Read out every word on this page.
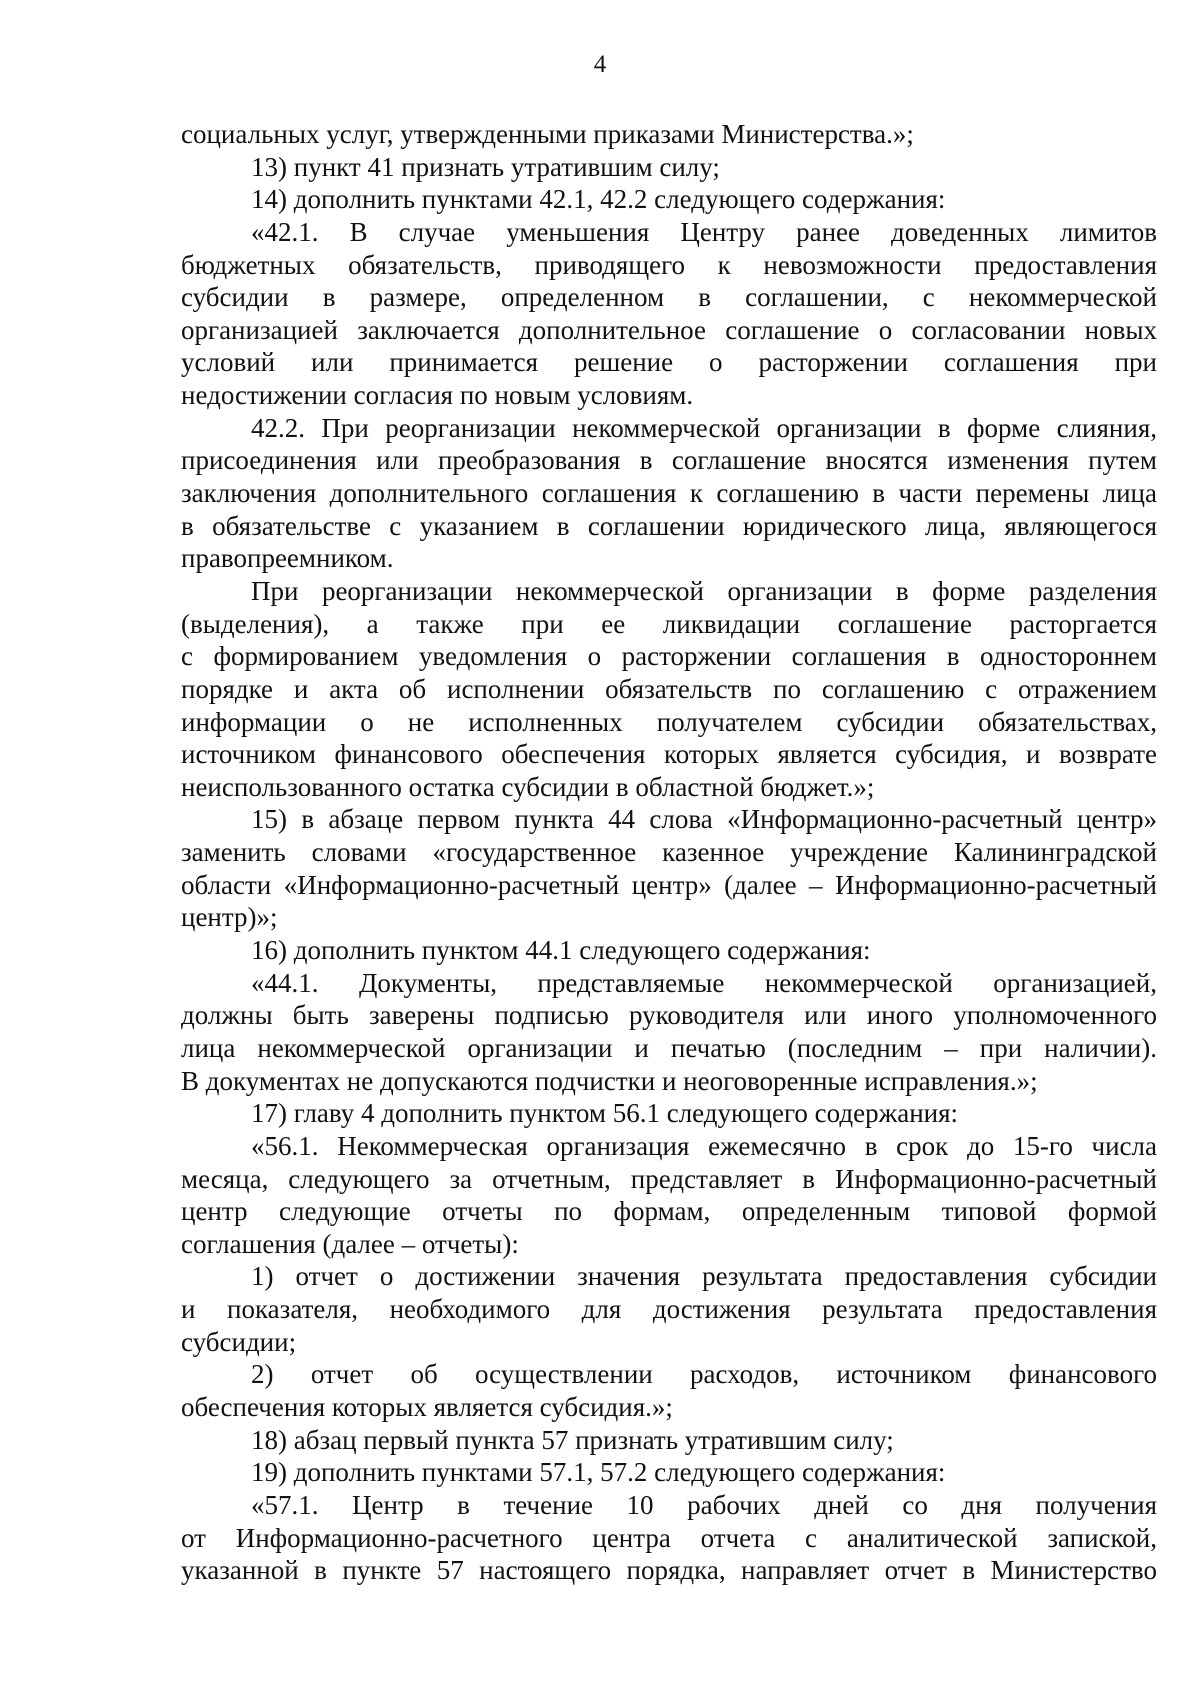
4
социальных услуг, утвержденными приказами Министерства.»;
13) пункт 41 признать утратившим силу;
14) дополнить пунктами 42.1, 42.2 следующего содержания:
«42.1. В случае уменьшения Центру ранее доведенных лимитов
бюджетных обязательств, приводящего к невозможности предоставления
субсидии в размере, определенном в соглашении, с некоммерческой
организацией заключается дополнительное соглашение о согласовании новых
условий или принимается решение о расторжении соглашения при
недостижении согласия по новым условиям.
42.2. При реорганизации некоммерческой организации в форме слияния,
присоединения или преобразования в соглашение вносятся изменения путем
заключения дополнительного соглашения к соглашению в части перемены лица
в обязательстве с указанием в соглашении юридического лица, являющегося
правопреемником.
При реорганизации некоммерческой организации в форме разделения
(выделения), а также при ее ликвидации соглашение расторгается
с формированием уведомления о расторжении соглашения в одностороннем
порядке и акта об исполнении обязательств по соглашению с отражением
информации о не исполненных получателем субсидии обязательствах,
источником финансового обеспечения которых является субсидия, и возврате
неиспользованного остатка субсидии в областной бюджет.»;
15) в абзаце первом пункта 44 слова «Информационно-расчетный центр»
заменить словами «государственное казенное учреждение Калининградской
области «Информационно-расчетный центр» (далее – Информационно-расчетный
центр)»;
16) дополнить пунктом 44.1 следующего содержания:
«44.1. Документы, представляемые некоммерческой организацией,
должны быть заверены подписью руководителя или иного уполномоченного
лица некоммерческой организации и печатью (последним – при наличии).
В документах не допускаются подчистки и неоговоренные исправления.»;
17) главу 4 дополнить пунктом 56.1 следующего содержания:
«56.1. Некоммерческая организация ежемесячно в срок до 15-го числа
месяца, следующего за отчетным, представляет в Информационно-расчетный
центр следующие отчеты по формам, определенным типовой формой
соглашения (далее – отчеты):
1) отчет о достижении значения результата предоставления субсидии
и показателя, необходимого для достижения результата предоставления
субсидии;
2) отчет об осуществлении расходов, источником финансового
обеспечения которых является субсидия.»;
18) абзац первый пункта 57 признать утратившим силу;
19) дополнить пунктами 57.1, 57.2 следующего содержания:
«57.1. Центр в течение 10 рабочих дней со дня получения
от Информационно-расчетного центра отчета с аналитической запиской,
указанной в пункте 57 настоящего порядка, направляет отчет в Министерство
